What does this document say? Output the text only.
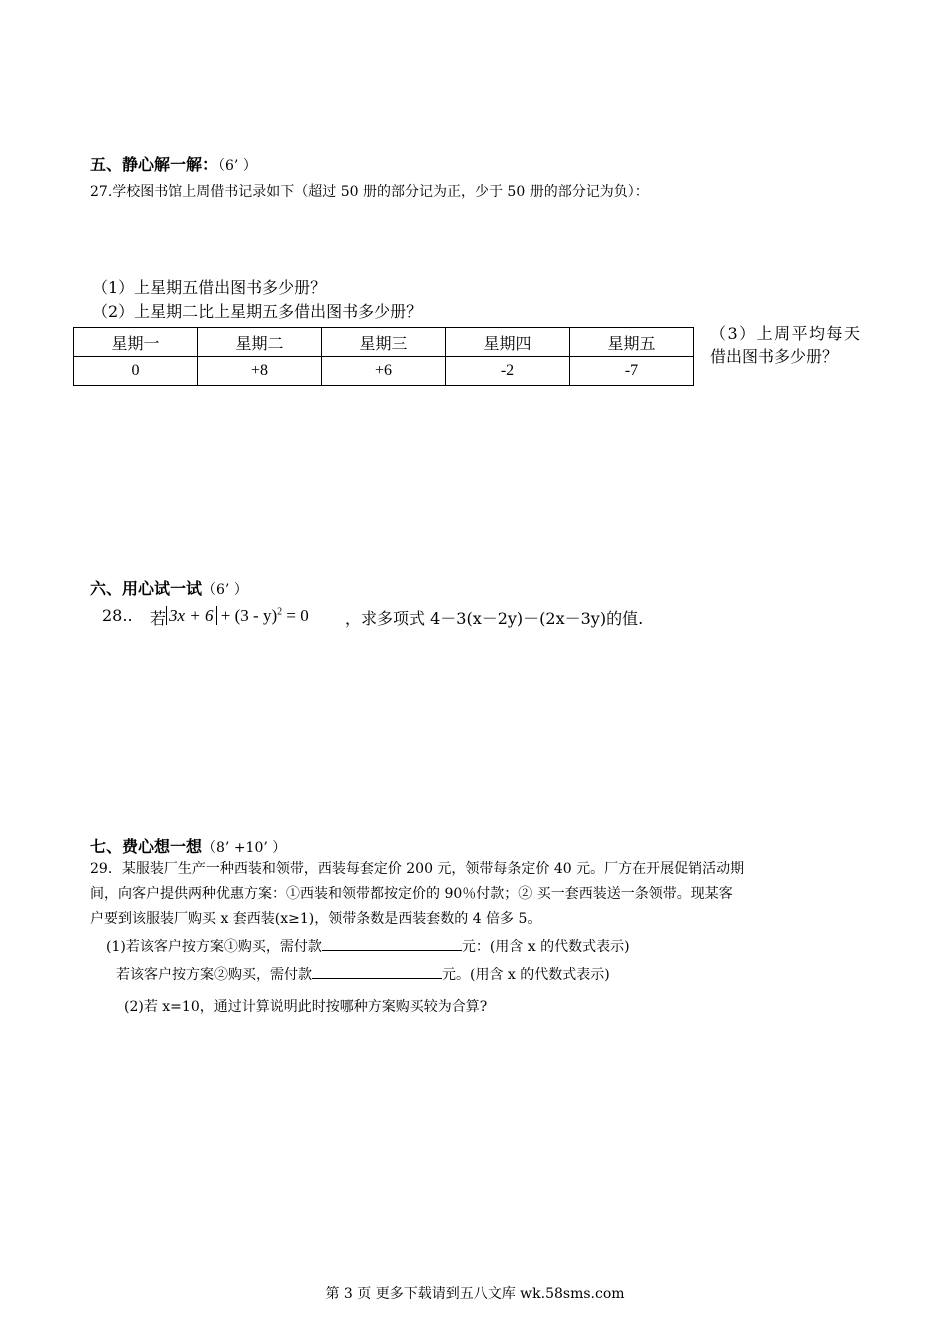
五、静心解一解：（6’ ）
27.学校图书馆上周借书记录如下（超过 50 册的部分记为正，少于 50 册的部分记为负）：
（1）上星期五借出图书多少册？
（2）上星期二比上星期五多借出图书多少册？
星期一	星期二	星期三	星期四	星期五
0	+8	+6	-2	-7
（3）上周平均每天借出图书多少册？
六、用心试一试（6’ ）
28.. 若 3x + 6 + (3 - y)$^2$ = 0 ，求多项式 4－3(x－2y)－(2x－3y)的值.
七、费心想一想（8’ +10’ ）
29．某服装厂生产一种西装和领带，西装每套定价 200 元，领带每条定价 40 元。厂方在开展促销活动期
间，向客户提供两种优惠方案：①西装和领带都按定价的 90％付款；② 买一套西装送一条领带。现某客
户要到该服装厂购买 x 套西装(x≥1)，领带条数是西装套数的 4 倍多 5。
(1)若该客户按方案①购买，需付款	元：(用含 x 的代数式表示)
若该客户按方案②购买，需付款	元。(用含 x 的代数式表示)
(2)若 x=10，通过计算说明此时按哪种方案购买较为合算?
第 3 页 更多下载请到五八文库 wk.58sms.com
